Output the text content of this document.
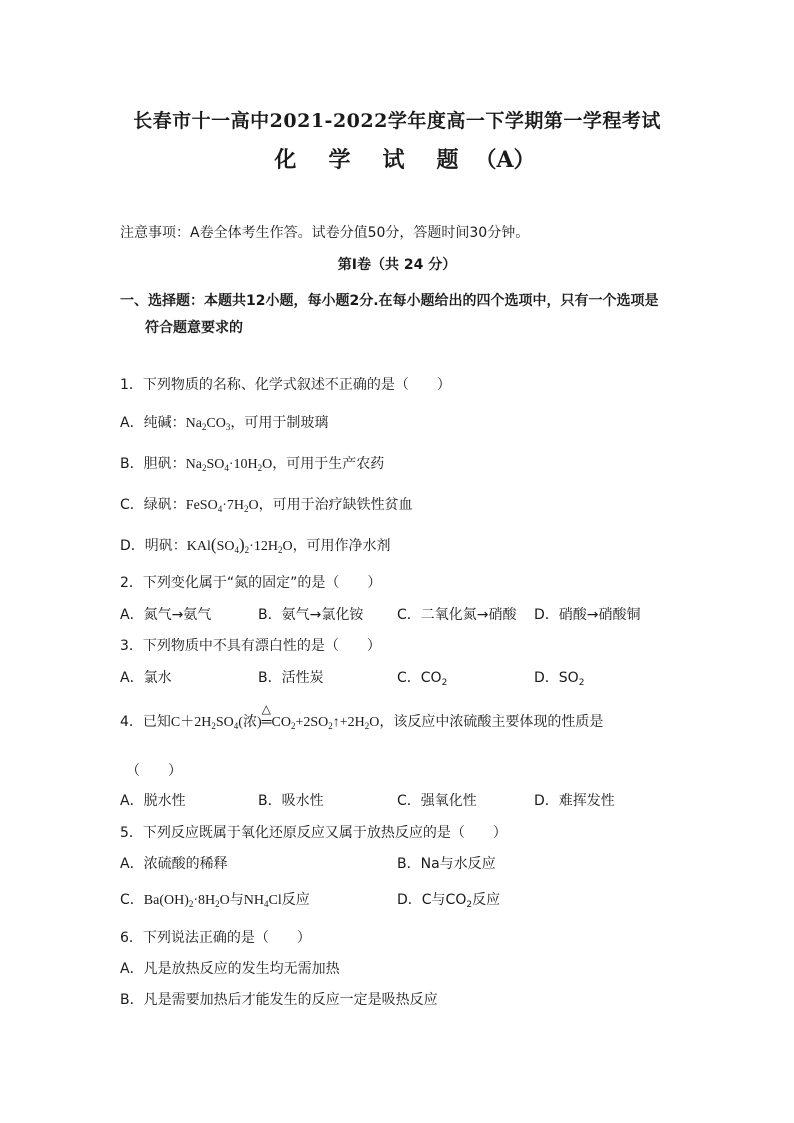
长春市十一高中2021-2022学年度高一下学期第一学程考试
化 学 试 题 （A）
注意事项：A卷全体考生作答。试卷分值50分，答题时间30分钟。
第Ⅰ卷（共 24 分）
一、选择题：本题共12小题，每小题2分.在每小题给出的四个选项中，只有一个选项是
符合题意要求的
1．下列物质的名称、化学式叙述不正确的是（　　）
A．纯碱：$Na_2CO_3$，可用于制玻璃
B．胆矾：$Na_2SO_4\cdot 10H_2O$，可用于生产农药
C．绿矾：$FeSO_4\cdot 7H_2O$，可用于治疗缺铁性贫血
D．明矾：$KAl(SO_4)_2\cdot 12H_2O$，可用作净水剂
2．下列变化属于“氮的固定”的是（　　）
A．氮气→氨气	B．氨气→氯化铵 C．二氧化氮→硝酸 D．硝酸→硝酸铜
3．下列物质中不具有漂白性的是（　　）
A．氯水	B．活性炭	C．$CO_2$	D．$SO_2$
4．已知$C+2H_2SO_4$(浓)
△
$═CO_2+2SO_2↑+2H_2O$，该反应中浓硫酸主要体现的性质是
（　　）
A．脱水性	B．吸水性	C．强氧化性	D．难挥发性
5．下列反应既属于氧化还原反应又属于放热反应的是（　　）
A．浓硫酸的稀释	B．Na与水反应
C．$Ba(OH)_2\cdot 8H_2O$与$NH_4Cl$反应	D．C与$CO_2$反应
6．下列说法正确的是（　　）
A．凡是放热反应的发生均无需加热
B．凡是需要加热后才能发生的反应一定是吸热反应
